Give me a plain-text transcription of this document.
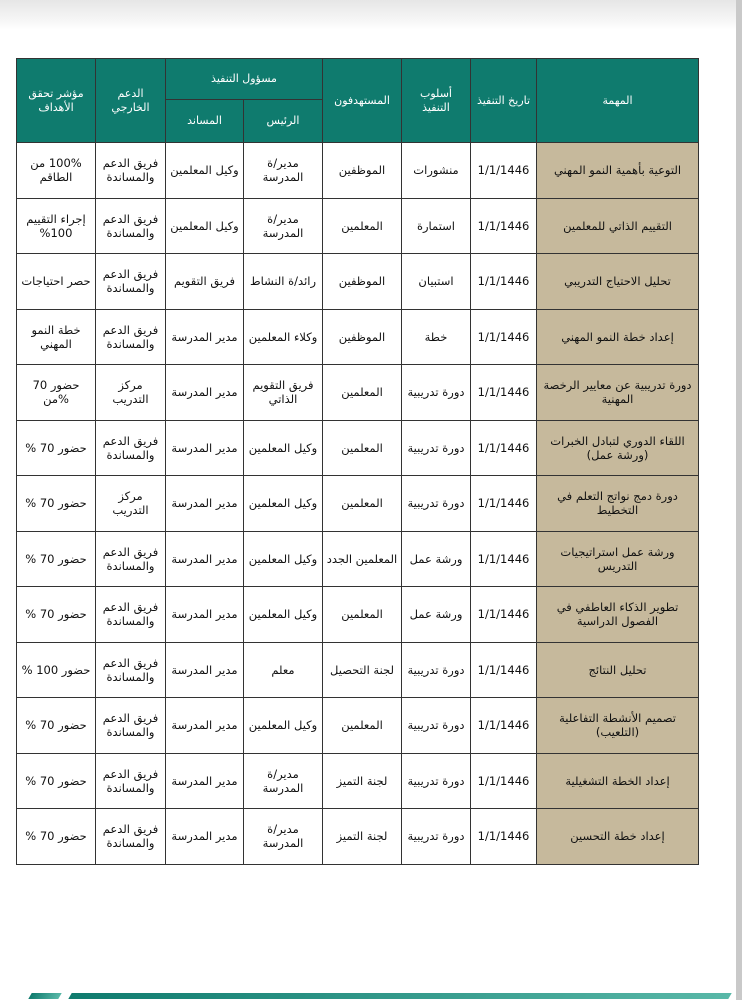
المهمة	تاريخ التنفيذ	أسلوب التنفيذ	المستهدفون	مسؤول التنفيذ		الدعم الخارجي	مؤشر تحقق الأهداف
				الرئيس	المساند		
التوعية بأهمية النمو المهني	1/1/1446	منشورات	الموظفين	مدير/ة المدرسة	وكيل المعلمين	فريق الدعم والمساندة	100% من الطاقم
التقييم الذاتي للمعلمين	1/1/1446	استمارة	المعلمين	مدير/ة المدرسة	وكيل المعلمين	فريق الدعم والمساندة	إجراء التقييم 100%
تحليل الاحتياج التدريبي	1/1/1446	استبيان	الموظفين	رائد/ة النشاط	فريق التقويم	فريق الدعم والمساندة	حصر احتياجات
إعداد خطة النمو المهني	1/1/1446	خطة	الموظفين	وكلاء المعلمين	مدير المدرسة	فريق الدعم والمساندة	خطة النمو المهني
دورة تدريبية عن معايير الرخصة المهنية	1/1/1446	دورة تدريبية	المعلمين	فريق التقويم الذاتي	مدير المدرسة	مركز التدريب	حضور 70 %من
اللقاء الدوري لتبادل الخبرات (ورشة عمل)	1/1/1446	دورة تدريبية	المعلمين	وكيل المعلمين	مدير المدرسة	فريق الدعم والمساندة	حضور 70 %
دورة دمج نواتج التعلم في التخطيط	1/1/1446	دورة تدريبية	المعلمين	وكيل المعلمين	مدير المدرسة	مركز التدريب	حضور 70 %
ورشة عمل استراتيجيات التدريس	1/1/1446	ورشة عمل	المعلمين الجدد	وكيل المعلمين	مدير المدرسة	فريق الدعم والمساندة	حضور 70 %
تطوير الذكاء العاطفي في الفصول الدراسية	1/1/1446	ورشة عمل	المعلمين	وكيل المعلمين	مدير المدرسة	فريق الدعم والمساندة	حضور 70 %
تحليل النتائج	1/1/1446	دورة تدريبية	لجنة التحصيل	معلم	مدير المدرسة	فريق الدعم والمساندة	حضور 100 %
تصميم الأنشطة التفاعلية (التلعيب)	1/1/1446	دورة تدريبية	المعلمين	وكيل المعلمين	مدير المدرسة	فريق الدعم والمساندة	حضور 70 %
إعداد الخطة التشغيلية	1/1/1446	دورة تدريبية	لجنة التميز	مدير/ة المدرسة	مدير المدرسة	فريق الدعم والمساندة	حضور 70 %
إعداد خطة التحسين	1/1/1446	دورة تدريبية	لجنة التميز	مدير/ة المدرسة	مدير المدرسة	فريق الدعم والمساندة	حضور 70 %
